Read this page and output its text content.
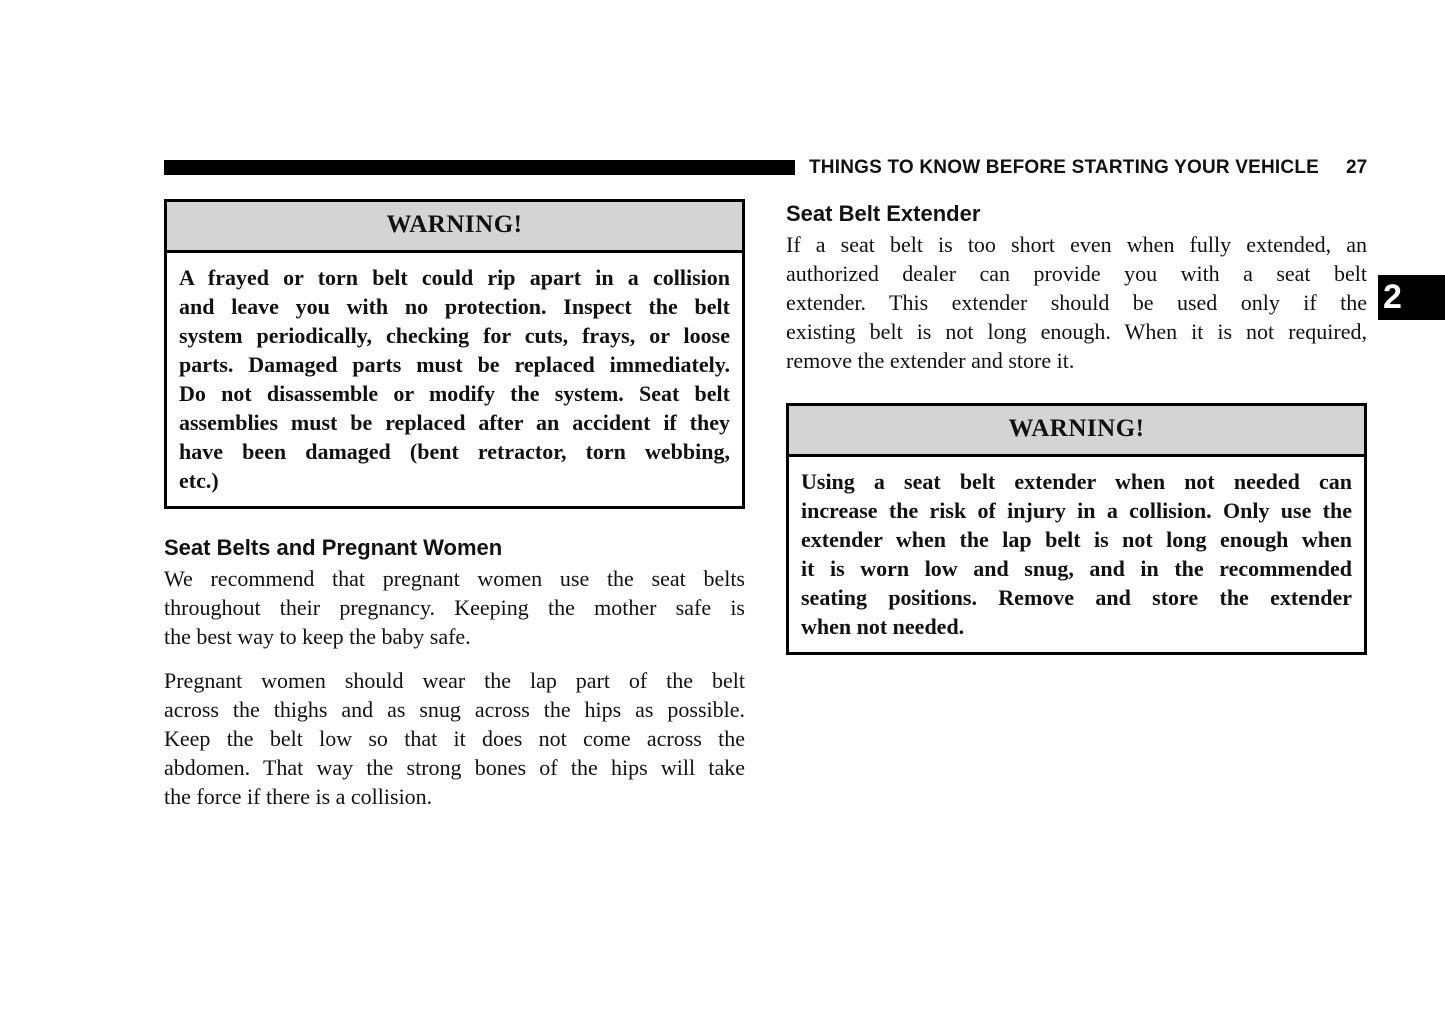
THINGS TO KNOW BEFORE STARTING YOUR VEHICLE 27
2
WARNING!
A frayed or torn belt could rip apart in a collision
and leave you with no protection. Inspect the belt
system periodically, checking for cuts, frays, or loose
parts. Damaged parts must be replaced immediately.
Do not disassemble or modify the system. Seat belt
assemblies must be replaced after an accident if they
have been damaged (bent retractor, torn webbing,
etc.)
Seat Belts and Pregnant Women
We recommend that pregnant women use the seat belts
throughout their pregnancy. Keeping the mother safe is
the best way to keep the baby safe.
Pregnant women should wear the lap part of the belt
across the thighs and as snug across the hips as possible.
Keep the belt low so that it does not come across the
abdomen. That way the strong bones of the hips will take
the force if there is a collision.
Seat Belt Extender
If a seat belt is too short even when fully extended, an
authorized dealer can provide you with a seat belt
extender. This extender should be used only if the
existing belt is not long enough. When it is not required,
remove the extender and store it.
WARNING!
Using a seat belt extender when not needed can
increase the risk of injury in a collision. Only use the
extender when the lap belt is not long enough when
it is worn low and snug, and in the recommended
seating positions. Remove and store the extender
when not needed.
